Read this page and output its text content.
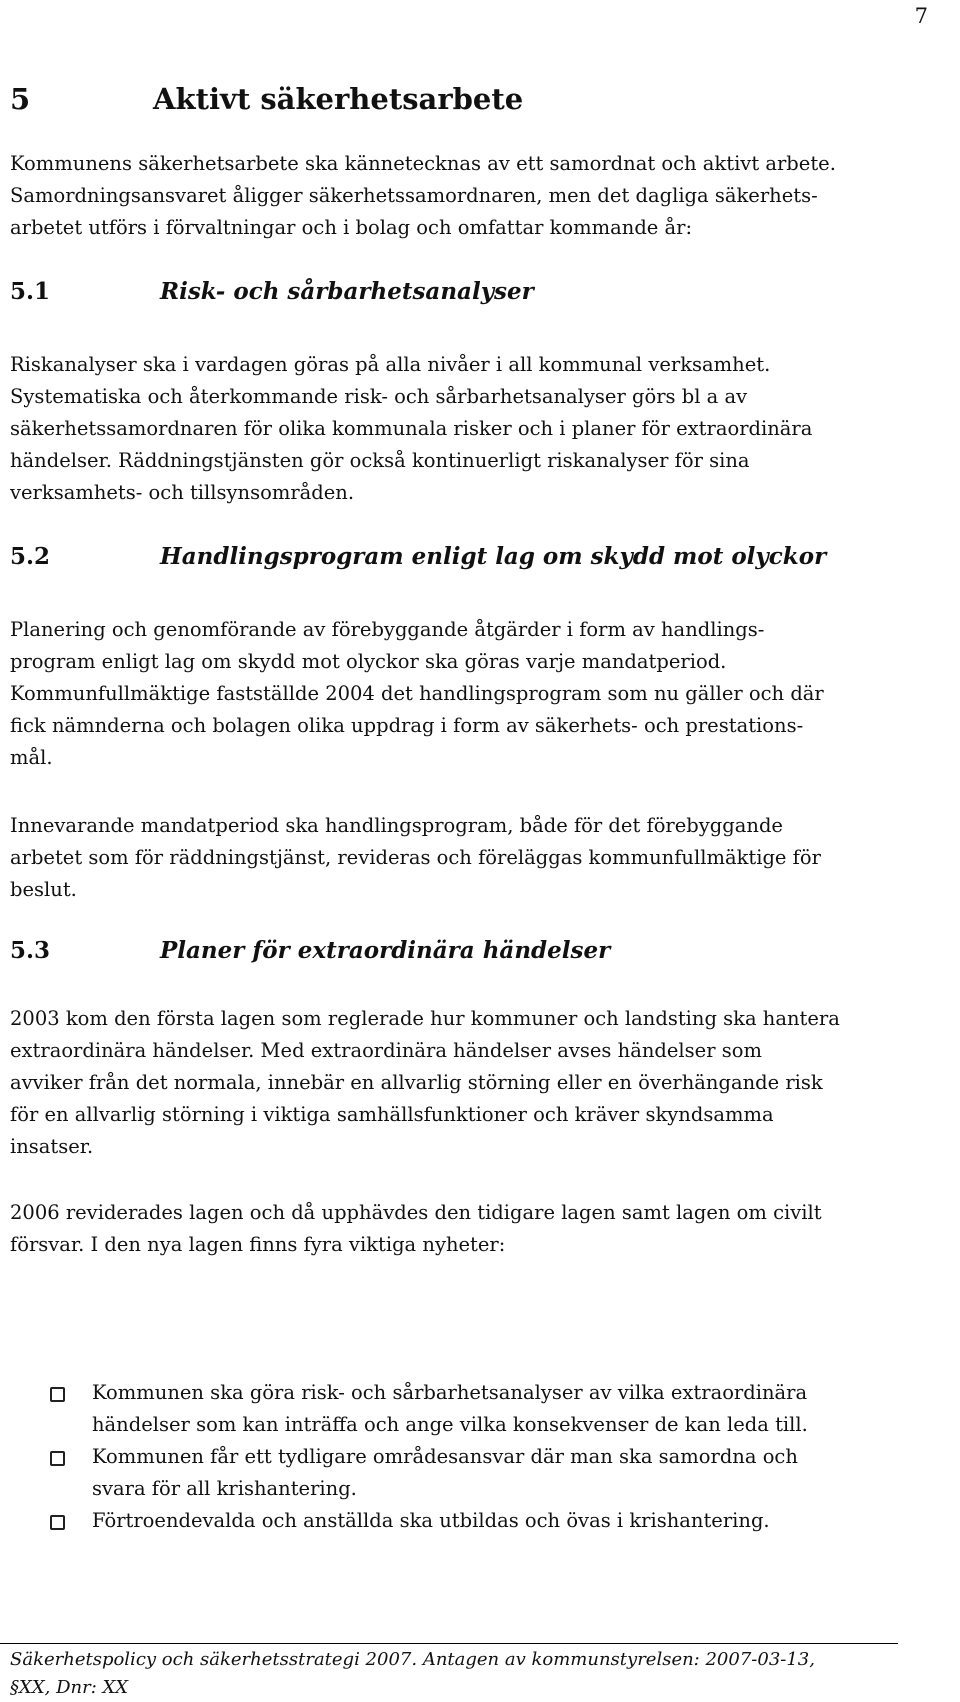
7
5	Aktivt säkerhetsarbete
Kommunens säkerhetsarbete ska kännetecknas av ett samordnat och aktivt arbete.
Samordningsansvaret åligger säkerhetssamordnaren, men det dagliga säkerhets-
arbetet utförs i förvaltningar och i bolag och omfattar kommande år:
5.1	Risk- och sårbarhetsanalyser
Riskanalyser ska i vardagen göras på alla nivåer i all kommunal verksamhet.
Systematiska och återkommande risk- och sårbarhetsanalyser görs bl a av
säkerhetssamordnaren för olika kommunala risker och i planer för extraordinära
händelser. Räddningstjänsten gör också kontinuerligt riskanalyser för sina
verksamhets- och tillsynsområden.
5.2	Handlingsprogram enligt lag om skydd mot olyckor
Planering och genomförande av förebyggande åtgärder i form av handlings-
program enligt lag om skydd mot olyckor ska göras varje mandatperiod.
Kommunfullmäktige fastställde 2004 det handlingsprogram som nu gäller och där
fick nämnderna och bolagen olika uppdrag i form av säkerhets- och prestations-
mål.
Innevarande mandatperiod ska handlingsprogram, både för det förebyggande
arbetet som för räddningstjänst, revideras och föreläggas kommunfullmäktige för
beslut.
5.3	Planer för extraordinära händelser
2003 kom den första lagen som reglerade hur kommuner och landsting ska hantera
extraordinära händelser. Med extraordinära händelser avses händelser som
avviker från det normala, innebär en allvarlig störning eller en överhängande risk
för en allvarlig störning i viktiga samhällsfunktioner och kräver skyndsamma
insatser.
2006 reviderades lagen och då upphävdes den tidigare lagen samt lagen om civilt
försvar. I den nya lagen finns fyra viktiga nyheter:
Kommunen ska göra risk- och sårbarhetsanalyser av vilka extraordinära
händelser som kan inträffa och ange vilka konsekvenser de kan leda till.
Kommunen får ett tydligare områdesansvar där man ska samordna och
svara för all krishantering.
Förtroendevalda och anställda ska utbildas och övas i krishantering.
Säkerhetspolicy och säkerhetsstrategi 2007. Antagen av kommunstyrelsen: 2007-03-13,
§XX, Dnr: XX
